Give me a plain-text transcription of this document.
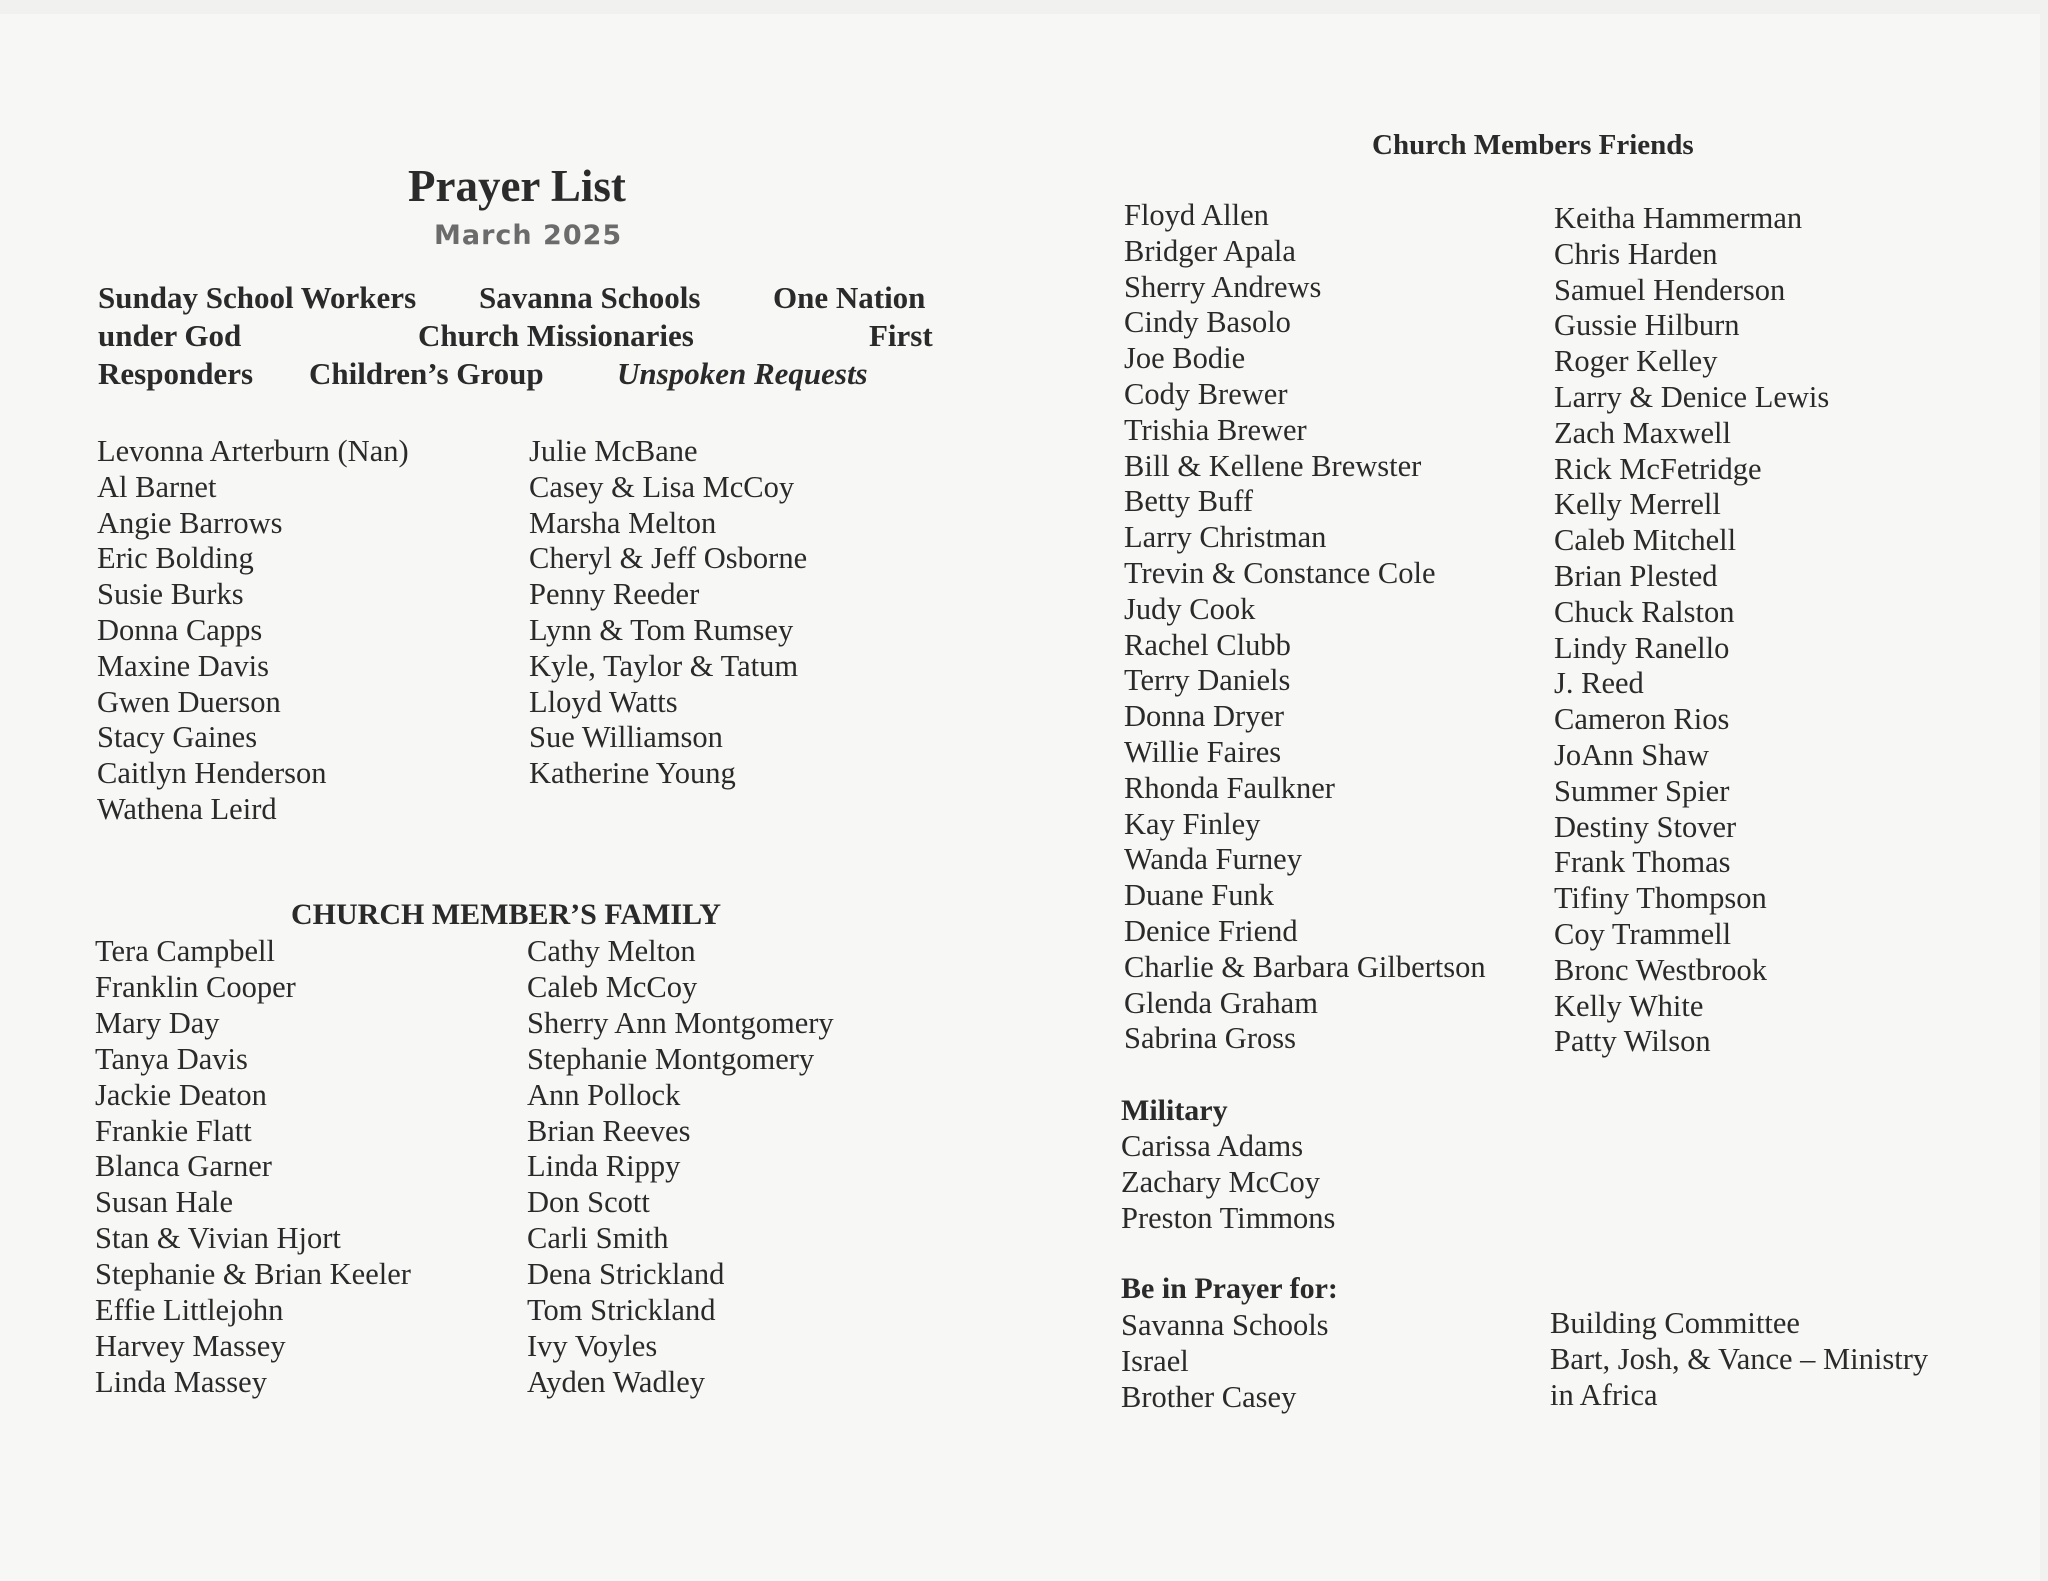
Prayer List
March 2025
Sunday School Workers Savanna Schools One Nation
under God	Church Missionaries	First
Responders Children’s Group Unspoken Requests
Levonna Arterburn (Nan)
Al Barnet
Angie Barrows
Eric Bolding
Susie Burks
Donna Capps
Maxine Davis
Gwen Duerson
Stacy Gaines
Caitlyn Henderson
Wathena Leird
Julie McBane
Casey & Lisa McCoy
Marsha Melton
Cheryl & Jeff Osborne
Penny Reeder
Lynn & Tom Rumsey
Kyle, Taylor & Tatum
Lloyd Watts
Sue Williamson
Katherine Young
CHURCH MEMBER’S FAMILY
Tera Campbell
Franklin Cooper
Mary Day
Tanya Davis
Jackie Deaton
Frankie Flatt
Blanca Garner
Susan Hale
Stan & Vivian Hjort
Stephanie & Brian Keeler
Effie Littlejohn
Harvey Massey
Linda Massey
Cathy Melton
Caleb McCoy
Sherry Ann Montgomery
Stephanie Montgomery
Ann Pollock
Brian Reeves
Linda Rippy
Don Scott
Carli Smith
Dena Strickland
Tom Strickland
Ivy Voyles
Ayden Wadley
Church Members Friends
Floyd Allen
Bridger Apala
Sherry Andrews
Cindy Basolo
Joe Bodie
Cody Brewer
Trishia Brewer
Bill & Kellene Brewster
Betty Buff
Larry Christman
Trevin & Constance Cole
Judy Cook
Rachel Clubb
Terry Daniels
Donna Dryer
Willie Faires
Rhonda Faulkner
Kay Finley
Wanda Furney
Duane Funk
Denice Friend
Charlie & Barbara Gilbertson
Glenda Graham
Sabrina Gross
Keitha Hammerman
Chris Harden
Samuel Henderson
Gussie Hilburn
Roger Kelley
Larry & Denice Lewis
Zach Maxwell
Rick McFetridge
Kelly Merrell
Caleb Mitchell
Brian Plested
Chuck Ralston
Lindy Ranello
J. Reed
Cameron Rios
JoAnn Shaw
Summer Spier
Destiny Stover
Frank Thomas
Tifiny Thompson
Coy Trammell
Bronc Westbrook
Kelly White
Patty Wilson
Military
Carissa Adams
Zachary McCoy
Preston Timmons
Be in Prayer for:
Savanna Schools
Israel
Brother Casey
Building Committee
Bart, Josh, & Vance – Ministry
in Africa
